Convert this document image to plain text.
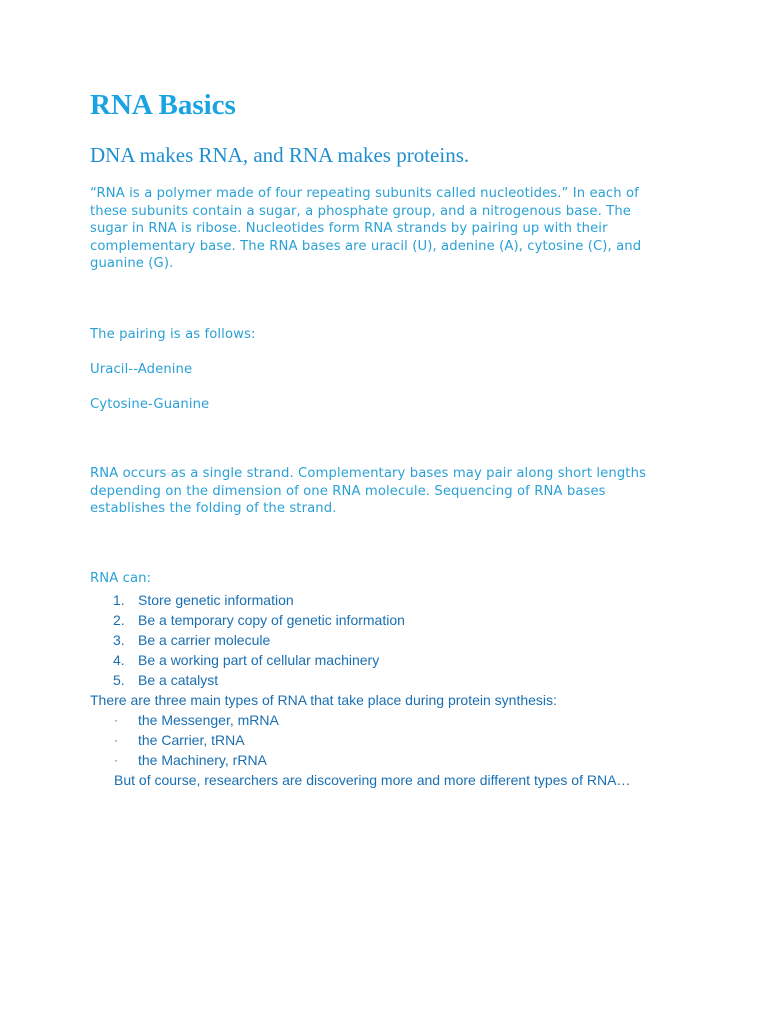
RNA Basics
DNA makes RNA, and RNA makes proteins.

“RNA is a polymer made of four repeating subunits called nucleotides.” In each of these subunits contain a sugar, a phosphate group, and a nitrogenous base. The sugar in RNA is ribose. Nucleotides form RNA strands by pairing up with their complementary base. The RNA bases are uracil (U), adenine (A), cytosine (C), and guanine (G).

The pairing is as follows:

Uracil--Adenine

Cytosine-Guanine

RNA occurs as a single strand. Complementary bases may pair along short lengths depending on the dimension of one RNA molecule. Sequencing of RNA bases establishes the folding of the strand.

RNA can:

1. Store genetic information
2. Be a temporary copy of genetic information
3. Be a carrier molecule
4. Be a working part of cellular machinery
5. Be a catalyst
There are three main types of RNA that take place during protein synthesis:
·	the Messenger, mRNA
·	the Carrier, tRNA
·	the Machinery, rRNA
But of course, researchers are discovering more and more different types of RNA…
